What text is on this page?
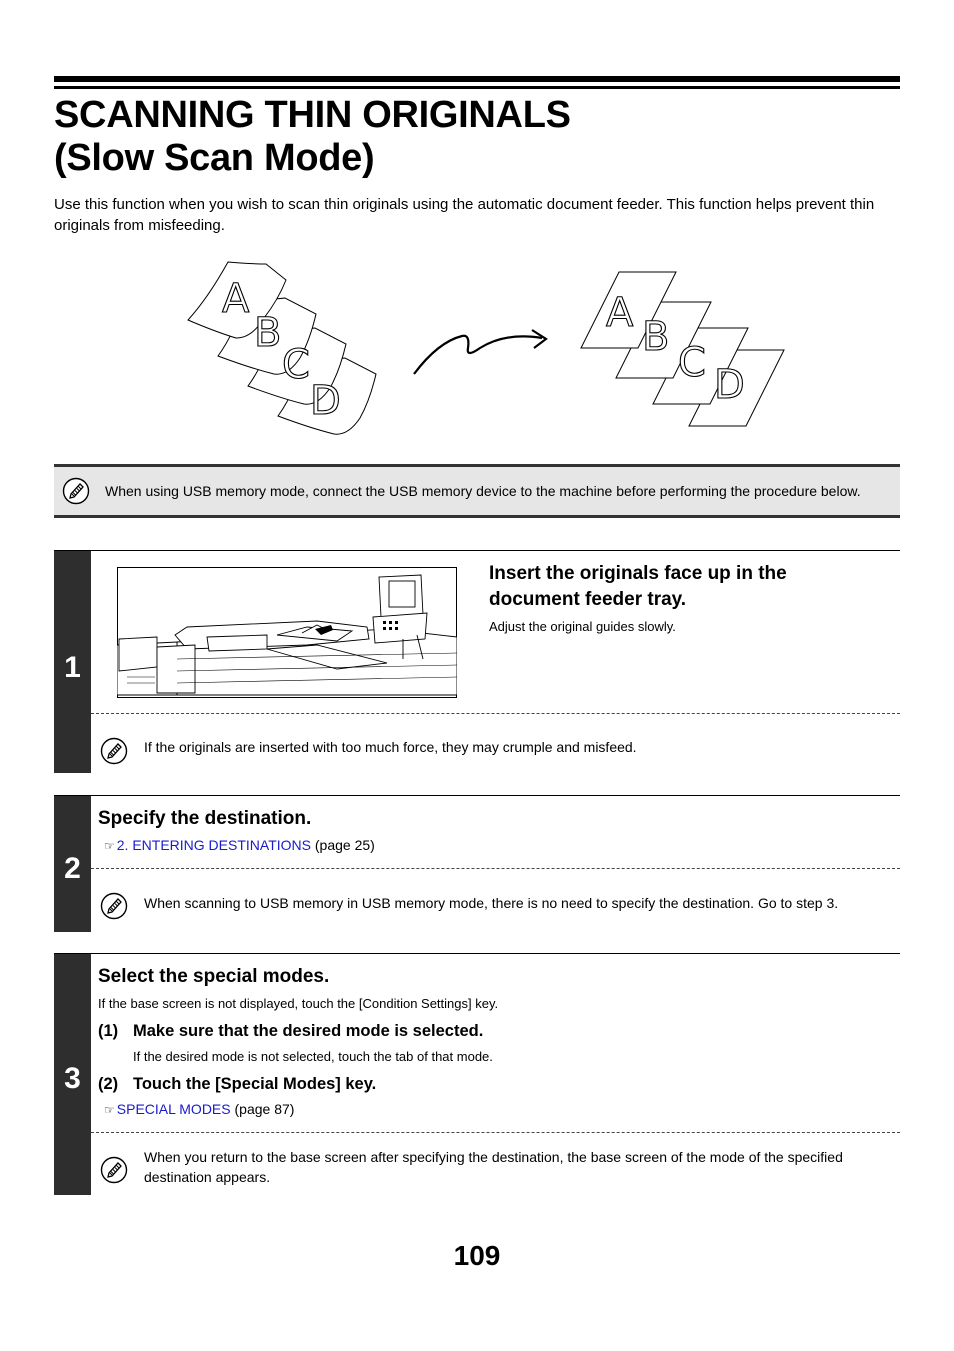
SCANNING THIN ORIGINALS
(Slow Scan Mode)

Use this function when you wish to scan thin originals using the automatic document feeder. This function helps prevent thin originals from misfeeding.

A
B
C
D
A
B
C D
When using USB memory mode, connect the USB memory device to the machine before performing the procedure below.
1
Insert the originals face up in the
document feeder tray.

Adjust the original guides slowly.

If the originals are inserted with too much force, they may crumple and misfeed.

2
Specify the destination.

☞ 2. ENTERING DESTINATIONS (page 25)

When scanning to USB memory in USB memory mode, there is no need to specify the destination. Go to step 3.

3
Select the special modes.

If the base screen is not displayed, touch the [Condition Settings] key.

(1) Make sure that the desired mode is selected.

If the desired mode is not selected, touch the tab of that mode.

(2) Touch the [Special Modes] key.

☞ SPECIAL MODES (page 87)

When you return to the base screen after specifying the destination, the base screen of the mode of the specified destination appears.

109
